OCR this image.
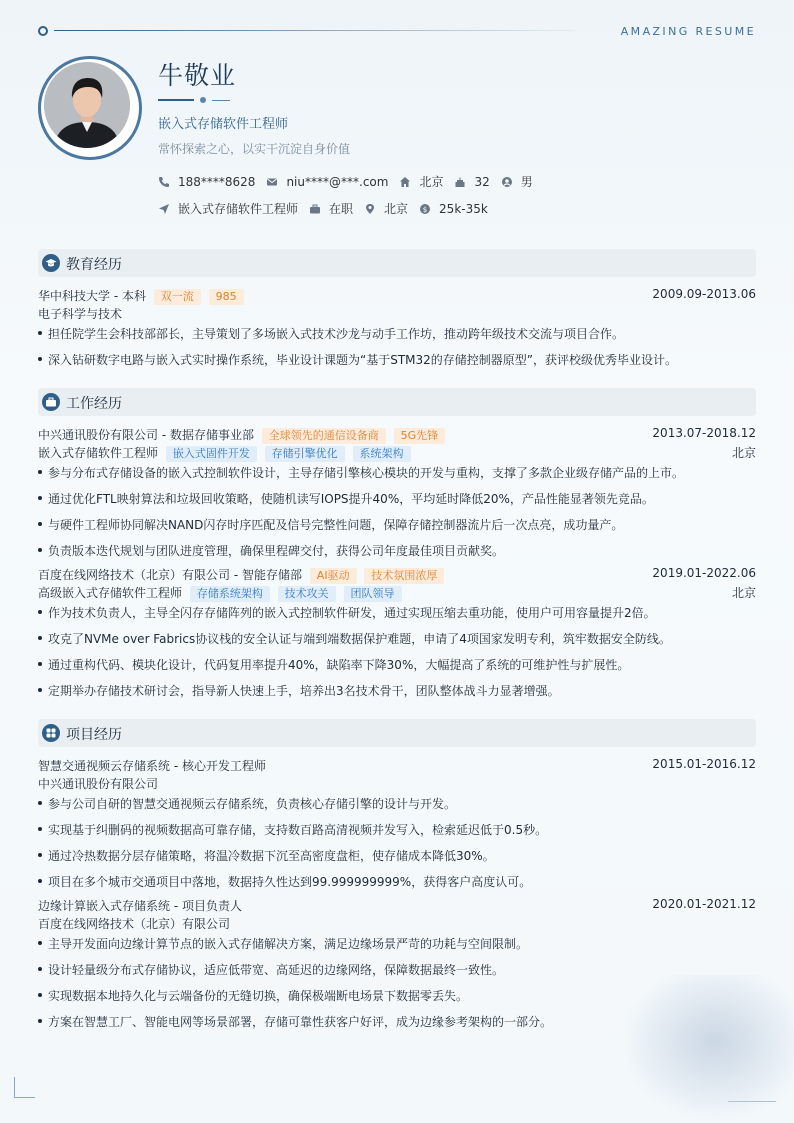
AMAZING RESUME
牛敬业
嵌入式存储软件工程师
常怀探索之心，以实干沉淀自身价值
188****8628	niu****@***.com	北京	32	男
嵌入式存储软件工程师	在职	北京 $ 25k-35k
教育经历
华中科技大学 - 本科 双一流 985	2009.09-2013.06
电子科学与技术
担任院学生会科技部部长，主导策划了多场嵌入式技术沙龙与动手工作坊，推动跨年级技术交流与项目合作。
深入钻研数字电路与嵌入式实时操作系统，毕业设计课题为“基于STM32的存储控制器原型”，获评校级优秀毕业设计。
工作经历
中兴通讯股份有限公司 - 数据存储事业部 全球领先的通信设备商 5G先锋	2013.07-2018.12
嵌入式存储软件工程师 嵌入式固件开发 存储引擎优化 系统架构	北京
参与分布式存储设备的嵌入式控制软件设计，主导存储引擎核心模块的开发与重构，支撑了多款企业级存储产品的上市。
通过优化FTL映射算法和垃圾回收策略，使随机读写IOPS提升40%，平均延时降低20%，产品性能显著领先竞品。
与硬件工程师协同解决NAND闪存时序匹配及信号完整性问题，保障存储控制器流片后一次点亮，成功量产。
负责版本迭代规划与团队进度管理，确保里程碑交付，获得公司年度最佳项目贡献奖。
百度在线网络技术（北京）有限公司 - 智能存储部 AI驱动 技术氛围浓厚	2019.01-2022.06
高级嵌入式存储软件工程师 存储系统架构 技术攻关 团队领导	北京
作为技术负责人，主导全闪存存储阵列的嵌入式控制软件研发，通过实现压缩去重功能，使用户可用容量提升2倍。
攻克了NVMe over Fabrics协议栈的安全认证与端到端数据保护难题，申请了4项国家发明专利，筑牢数据安全防线。
通过重构代码、模块化设计，代码复用率提升40%，缺陷率下降30%，大幅提高了系统的可维护性与扩展性。
定期举办存储技术研讨会，指导新人快速上手，培养出3名技术骨干，团队整体战斗力显著增强。
项目经历
智慧交通视频云存储系统 - 核心开发工程师	2015.01-2016.12
中兴通讯股份有限公司
参与公司自研的智慧交通视频云存储系统，负责核心存储引擎的设计与开发。
实现基于纠删码的视频数据高可靠存储，支持数百路高清视频并发写入，检索延迟低于0.5秒。
通过冷热数据分层存储策略，将温冷数据下沉至高密度盘柜，使存储成本降低30%。
项目在多个城市交通项目中落地，数据持久性达到99.999999999%，获得客户高度认可。
边缘计算嵌入式存储系统 - 项目负责人	2020.01-2021.12
百度在线网络技术（北京）有限公司
主导开发面向边缘计算节点的嵌入式存储解决方案，满足边缘场景严苛的功耗与空间限制。
设计轻量级分布式存储协议，适应低带宽、高延迟的边缘网络，保障数据最终一致性。
实现数据本地持久化与云端备份的无缝切换，确保极端断电场景下数据零丢失。
方案在智慧工厂、智能电网等场景部署，存储可靠性获客户好评，成为边缘参考架构的一部分。
